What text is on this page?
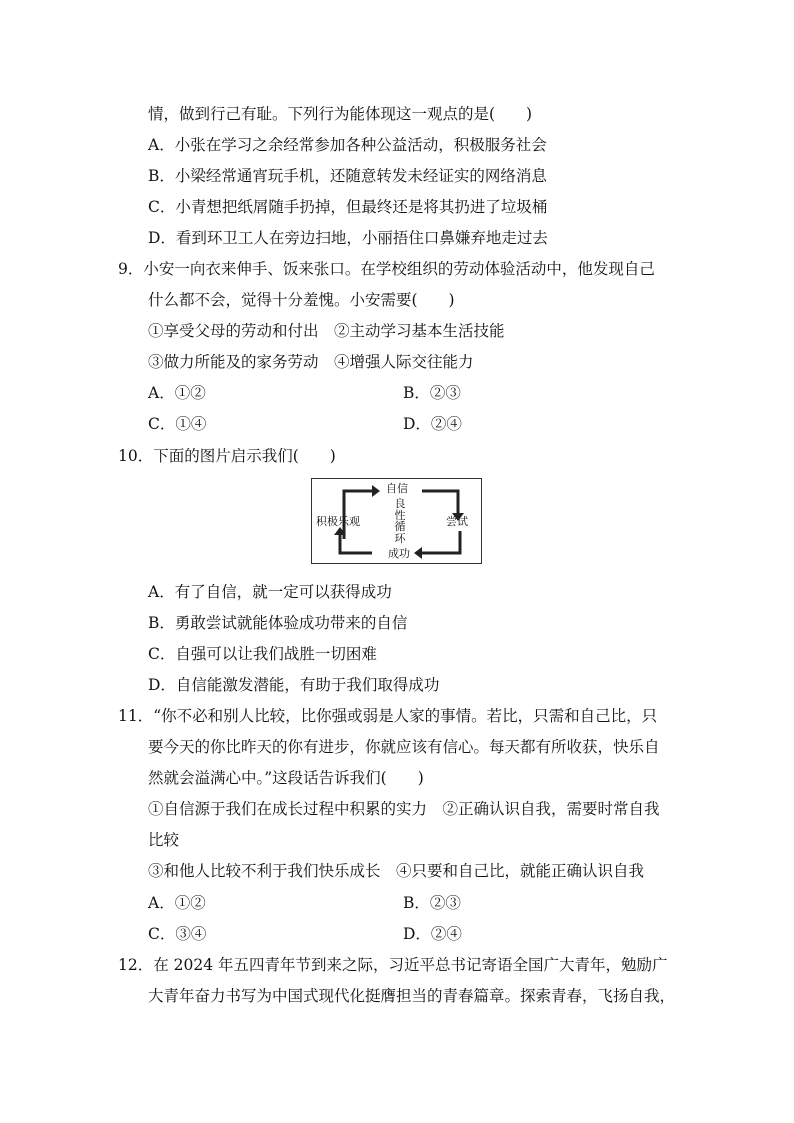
情，做到行己有耻。下列行为能体现这一观点的是(　　)
A．小张在学习之余经常参加各种公益活动，积极服务社会
B．小梁经常通宵玩手机，还随意转发未经证实的网络消息
C．小青想把纸屑随手扔掉，但最终还是将其扔进了垃圾桶
D．看到环卫工人在旁边扫地，小丽捂住口鼻嫌弃地走过去
9．小安一向衣来伸手、饭来张口。在学校组织的劳动体验活动中，他发现自己
什么都不会，觉得十分羞愧。小安需要(　　)
①享受父母的劳动和付出　②主动学习基本生活技能
③做力所能及的家务劳动　④增强人际交往能力
A．①②	B．②③
C．①④	D．②④
10．下面的图片启示我们(　　)
自信
尝试
成功
积极乐观
良
性
循
环
A．有了自信，就一定可以获得成功
B．勇敢尝试就能体验成功带来的自信
C．自强可以让我们战胜一切困难
D．自信能激发潜能，有助于我们取得成功
11．“你不必和别人比较，比你强或弱是人家的事情。若比，只需和自己比，只
要今天的你比昨天的你有进步，你就应该有信心。每天都有所收获，快乐自
然就会溢满心中。”这段话告诉我们(　　)
①自信源于我们在成长过程中积累的实力　②正确认识自我，需要时常自我
比较
③和他人比较不利于我们快乐成长　④只要和自己比，就能正确认识自我
A．①②	B．②③
C．③④	D．②④
12．在 2024 年五四青年节到来之际，习近平总书记寄语全国广大青年，勉励广
大青年奋力书写为中国式现代化挺膺担当的青春篇章。探索青春，飞扬自我，
